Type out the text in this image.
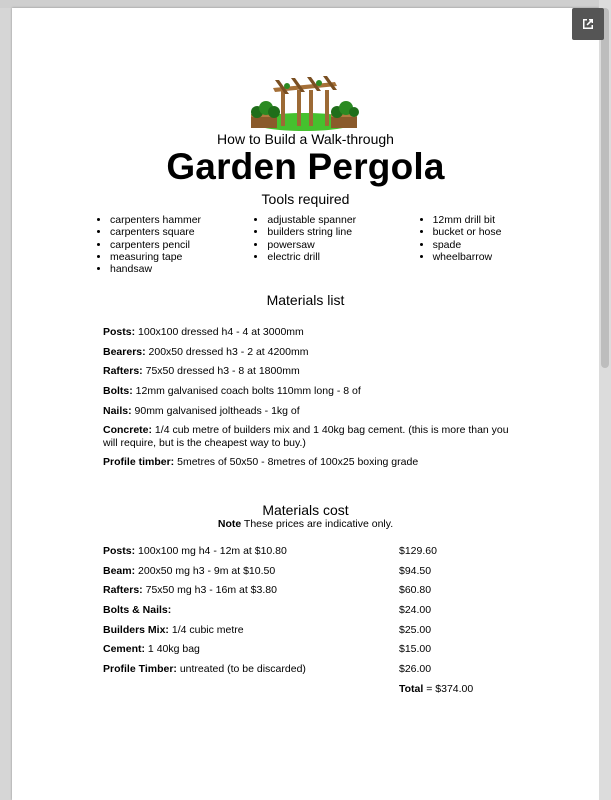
How to Build a Walk-through
Garden Pergola
Tools required
• carpenters hammer
• carpenters square
• carpenters pencil
• measuring tape
• handsaw
• adjustable spanner
• builders string line
• powersaw
• electric drill
• 12mm drill bit
• bucket or hose
• spade
• wheelbarrow
Materials list
Posts: 100x100 dressed h4 - 4 at 3000mm
Bearers: 200x50 dressed h3 - 2 at 4200mm
Rafters: 75x50 dressed h3 - 8 at 1800mm
Bolts: 12mm galvanised coach bolts 110mm long - 8 of
Nails: 90mm galvanised joltheads - 1kg of
Concrete: 1/4 cub metre of builders mix and 1 40kg bag cement. (this is more than you will require, but is the cheapest way to buy.)
Profile timber: 5metres of 50x50 - 8metres of 100x25 boxing grade
Materials cost
Note These prices are indicative only.
Posts: 100x100 mg h4 - 12m at $10.80	$129.60
Beam: 200x50 mg h3 - 9m at $10.50	$94.50
Rafters: 75x50 mg h3 - 16m at $3.80	$60.80
Bolts & Nails:	$24.00
Builders Mix: 1/4 cubic metre	$25.00
Cement: 1 40kg bag	$15.00
Profile Timber: untreated (to be discarded)	$26.00
Total = $374.00
